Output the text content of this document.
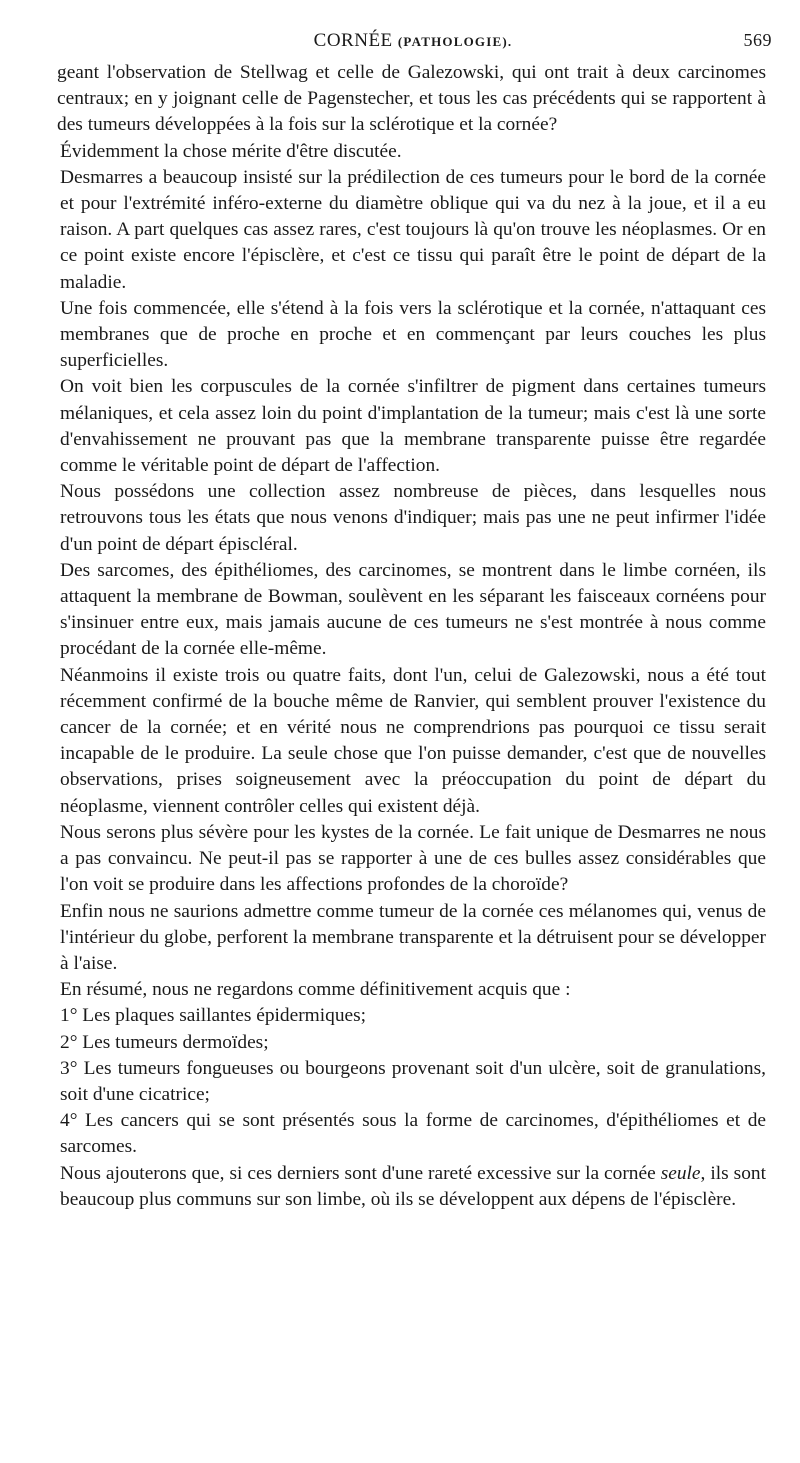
CORNÉE (PATHOLOGIE).	569

geant l'observation de Stellwag et celle de Galezowski, qui ont trait à deux carcinomes centraux; en y joignant celle de Pagenstecher, et tous les cas précédents qui se rapportent à des tumeurs développées à la fois sur la sclérotique et la cornée?

Évidemment la chose mérite d'être discutée.

Desmarres a beaucoup insisté sur la prédilection de ces tumeurs pour le bord de la cornée et pour l'extrémité inféro-externe du diamètre oblique qui va du nez à la joue, et il a eu raison. A part quelques cas assez rares, c'est toujours là qu'on trouve les néoplasmes. Or en ce point existe encore l'épisclère, et c'est ce tissu qui paraît être le point de départ de la maladie.

Une fois commencée, elle s'étend à la fois vers la sclérotique et la cornée, n'attaquant ces membranes que de proche en proche et en commençant par leurs couches les plus superficielles.

On voit bien les corpuscules de la cornée s'infiltrer de pigment dans certaines tumeurs mélaniques, et cela assez loin du point d'implantation de la tumeur; mais c'est là une sorte d'envahissement ne prouvant pas que la membrane transparente puisse être regardée comme le véritable point de départ de l'affection.

Nous possédons une collection assez nombreuse de pièces, dans lesquelles nous retrouvons tous les états que nous venons d'indiquer; mais pas une ne peut infirmer l'idée d'un point de départ épiscléral.

Des sarcomes, des épithéliomes, des carcinomes, se montrent dans le limbe cornéen, ils attaquent la membrane de Bowman, soulèvent en les séparant les faisceaux cornéens pour s'insinuer entre eux, mais jamais aucune de ces tumeurs ne s'est montrée à nous comme procédant de la cornée elle-même.

Néanmoins il existe trois ou quatre faits, dont l'un, celui de Galezowski, nous a été tout récemment confirmé de la bouche même de Ranvier, qui semblent prouver l'existence du cancer de la cornée; et en vérité nous ne comprendrions pas pourquoi ce tissu serait incapable de le produire. La seule chose que l'on puisse demander, c'est que de nouvelles observations, prises soigneusement avec la préoccupation du point de départ du néoplasme, viennent contrôler celles qui existent déjà.

Nous serons plus sévère pour les kystes de la cornée. Le fait unique de Desmarres ne nous a pas convaincu. Ne peut-il pas se rapporter à une de ces bulles assez considérables que l'on voit se produire dans les affections profondes de la choroïde?

Enfin nous ne saurions admettre comme tumeur de la cornée ces mélanomes qui, venus de l'intérieur du globe, perforent la membrane transparente et la détruisent pour se développer à l'aise.

En résumé, nous ne regardons comme définitivement acquis que :

1° Les plaques saillantes épidermiques;

2° Les tumeurs dermoïdes;

3° Les tumeurs fongueuses ou bourgeons provenant soit d'un ulcère, soit de granulations, soit d'une cicatrice;

4° Les cancers qui se sont présentés sous la forme de carcinomes, d'épithéliomes et de sarcomes.

Nous ajouterons que, si ces derniers sont d'une rareté excessive sur la cornée seule, ils sont beaucoup plus communs sur son limbe, où ils se développent aux dépens de l'épisclère.
